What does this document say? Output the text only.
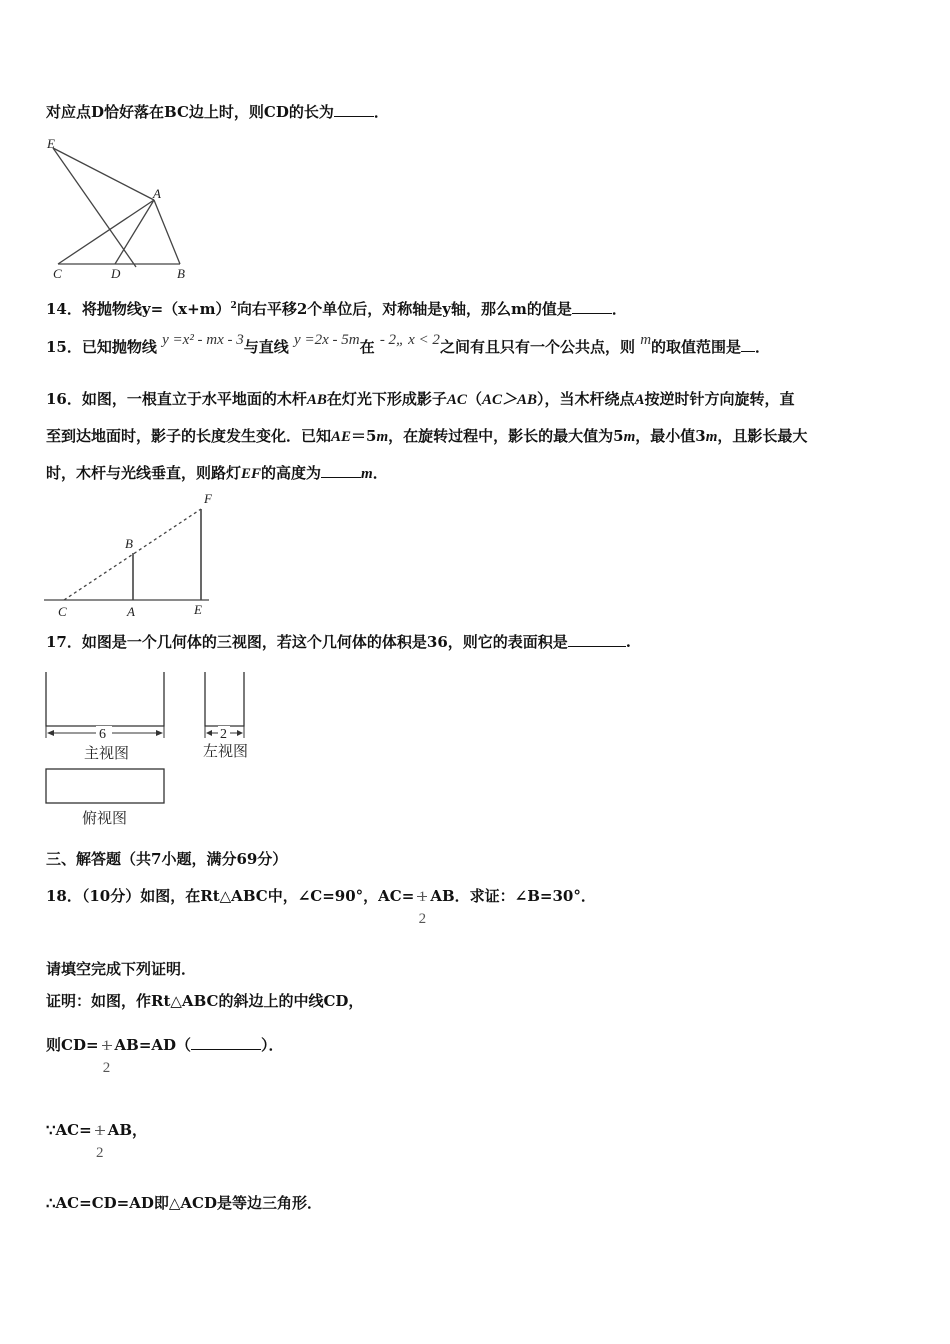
对应点D恰好落在BC边上时，则CD的长为	．
E
A
C	D	B
14．将抛物线$y=(x+m)^2$向右平移2个单位后，对称轴是y轴，那么m的值是	．
15．已知抛物线 y =x² - mx - 3与直线 y =2x - 5m在 - 2„ x < 2之间有且只有一个公共点，则 m的取值范围是 ．
16．如图，一根直立于水平地面的木杆AB在灯光下形成影子AC（AC＞AB），当木杆绕点A按逆时针方向旋转，直
至到达地面时，影子的长度发生变化．已知AE＝5m，在旋转过程中，影长的最大值为5m，最小值3m，且影长最大
时，木杆与光线垂直，则路灯EF的高度为	m．
F
B
C	A	E
17．如图是一个几何体的三视图，若这个几何体的体积是36，则它的表面积是	.
6	2
主视图	左视图
俯视图
三、解答题（共7小题，满分69分）
18．（10分）如图，在Rt△ABC中，∠C=90°，AC= 1
2
AB．求证：∠B=30°．
请填空完成下列证明．
证明：如图，作Rt△ABC的斜边上的中线CD，
则CD= 1
2
AB=AD（	）．
∵AC= 1
2
AB，
∴AC=CD=AD即△ACD是等边三角形．
